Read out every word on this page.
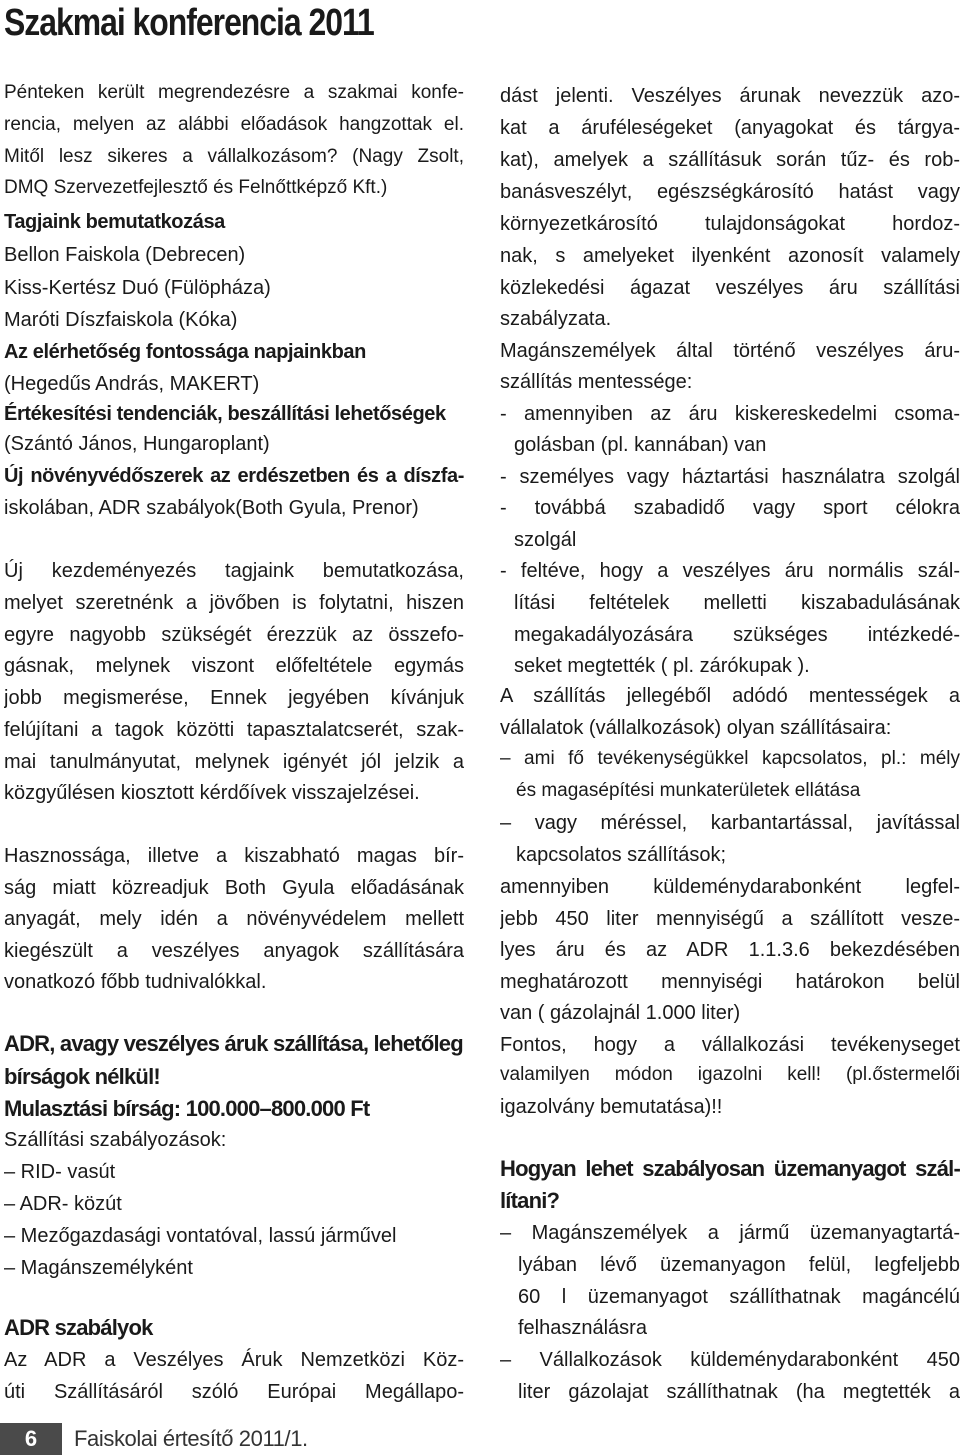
Szakmai konferencia 2011
Pénteken került megrendezésre a szakmai konfe-
rencia, melyen az alábbi előadások hangzottak el.
Mitől lesz sikeres a vállalkozásom? (Nagy Zsolt,
DMQ Szervezetfejlesztő és Felnőttképző Kft.)
Tagjaink bemutatkozása
Bellon Faiskola (Debrecen)
Kiss-Kertész Duó (Fülöpháza)
Maróti Díszfaiskola (Kóka)
Az elérhetőség fontossága napjainkban
(Hegedűs András, MAKERT)
Értékesítési tendenciák, beszállítási lehetőségek
(Szántó János, Hungaroplant)
Új növényvédőszerek az erdészetben és a díszfa-
iskolában, ADR szabályok(Both Gyula, Prenor)
Új kezdeményezés tagjaink bemutatkozása,
melyet szeretnénk a jövőben is folytatni, hiszen
egyre nagyobb szükségét érezzük az összefo-
gásnak, melynek viszont előfeltétele egymás
jobb megismerése, Ennek jegyében kívánjuk
felújítani a tagok közötti tapasztalatcserét, szak-
mai tanulmányutat, melynek igényét jól jelzik a
közgyűlésen kiosztott kérdőívek visszajelzései.
Hasznossága, illetve a kiszabható magas bír-
ság miatt közreadjuk Both Gyula előadásának
anyagát, mely idén a növényvédelem mellett
kiegészült a veszélyes anyagok szállítására
vonatkozó főbb tudnivalókkal.
ADR, avagy veszélyes áruk szállítása, lehetőleg
bírságok nélkül!
Mulasztási bírság: 100.000–800.000 Ft
Szállítási szabályozások:
– RID- vasút
– ADR- közút
– Mezőgazdasági vontatóval, lassú járművel
– Magánszemélyként
ADR szabályok
Az ADR a Veszélyes Áruk Nemzetközi Köz-
úti Szállításáról szóló Európai Megállapo-
dást jelenti. Veszélyes árunak nevezzük azo-
kat a áruféleségeket (anyagokat és tárgya-
kat), amelyek a szállításuk során tűz- és rob-
banásveszélyt, egészségkárosító hatást vagy
környezetkárosító tulajdonságokat hordoz-
nak, s amelyeket ilyenként azonosít valamely
közlekedési ágazat veszélyes áru szállítási
szabályzata.
Magánszemélyek által történő veszélyes áru-
szállítás mentessége:
- amennyiben az áru kiskereskedelmi csoma-
golásban (pl. kannában) van
- személyes vagy háztartási használatra szolgál
- továbbá szabadidő vagy sport célokra
szolgál
- feltéve, hogy a veszélyes áru normális szál-
lítási feltételek melletti kiszabadulásának
megakadályozására szükséges intézkedé-
seket megtették ( pl. zárókupak ).
A szállítás jellegéből adódó mentességek a
vállalatok (vállalkozások) olyan szállításaira:
– ami fő tevékenységükkel kapcsolatos, pl.: mély
és magasépítési munkaterületek ellátása
– vagy méréssel, karbantartással, javítással
kapcsolatos szállítások;
amennyiben küldeménydarabonként legfel-
jebb 450 liter mennyiségű a szállított vesze-
lyes áru és az ADR 1.1.3.6 bekezdésében
meghatározott mennyiségi határokon belül
van ( gázolajnál 1.000 liter)
Fontos, hogy a vállalkozási tevékenyseget
valamilyen módon igazolni kell! (pl.őstermelői
igazolvány bemutatása)!!
Hogyan lehet szabályosan üzemanyagot szál-
lítani?
– Magánszemélyek a jármű üzemanyagtartá-
lyában lévő üzemanyagon felül, legfeljebb
60 l üzemanyagot szállíthatnak magáncélú
felhasználásra
– Vállalkozások küldeménydarabonként 450
liter gázolajat szállíthatnak (ha megtették a
6	Faiskolai értesítő 2011/1.
